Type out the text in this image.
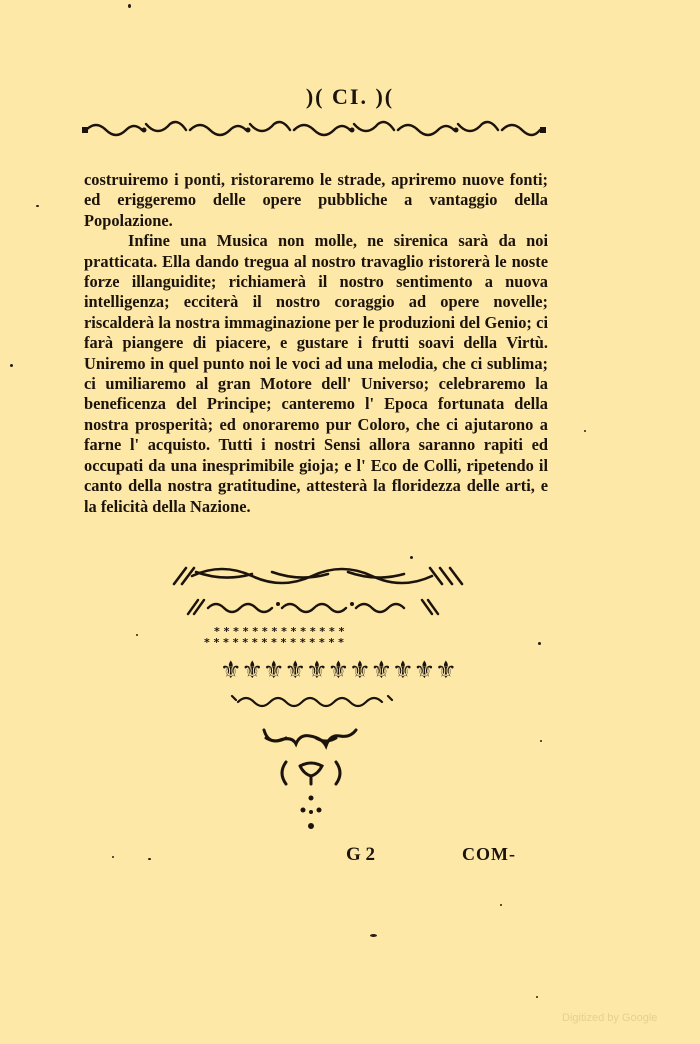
)( CI. )(

costruiremo i ponti, ristoraremo le strade, apriremo nuove fonti; ed eriggeremo delle opere pubbliche a vantaggio della Popolazione.

Infine una Musica non molle, ne sirenica sarà da noi pratticata. Ella dando tregua al nostro travaglio ristorerà le noste forze illanguidite; richiamerà il nostro sentimento a nuova intelligenza; ecciterà il nostro coraggio ad opere novelle; riscalderà la nostra immaginazione per le produzioni del Genio; ci farà piangere di piacere, e gustare i frutti soavi della Virtù. Uniremo in quel punto noi le voci ad una melodia, che ci sublima; ci umiliaremo al gran Motore dell' Universo; celebraremo la beneficenza del Principe; canteremo l' Epoca fortunata della nostra prosperità; ed onoraremo pur Coloro, che ci ajutarono a farne l' acquisto. Tutti i nostri Sensi allora saranno rapiti ed occupati da una inesprimibile gioja; e l' Eco de Colli, ripetendo il canto della nostra gratitudine, attesterà la floridezza delle arti, e la felicità della Nazione.

* * * * * * * * * * * * * *
* * * * * * * * * * * * * * *
⚜⚜⚜⚜⚜⚜⚜⚜⚜⚜⚜
G 2	COM-
Digitized by Google
